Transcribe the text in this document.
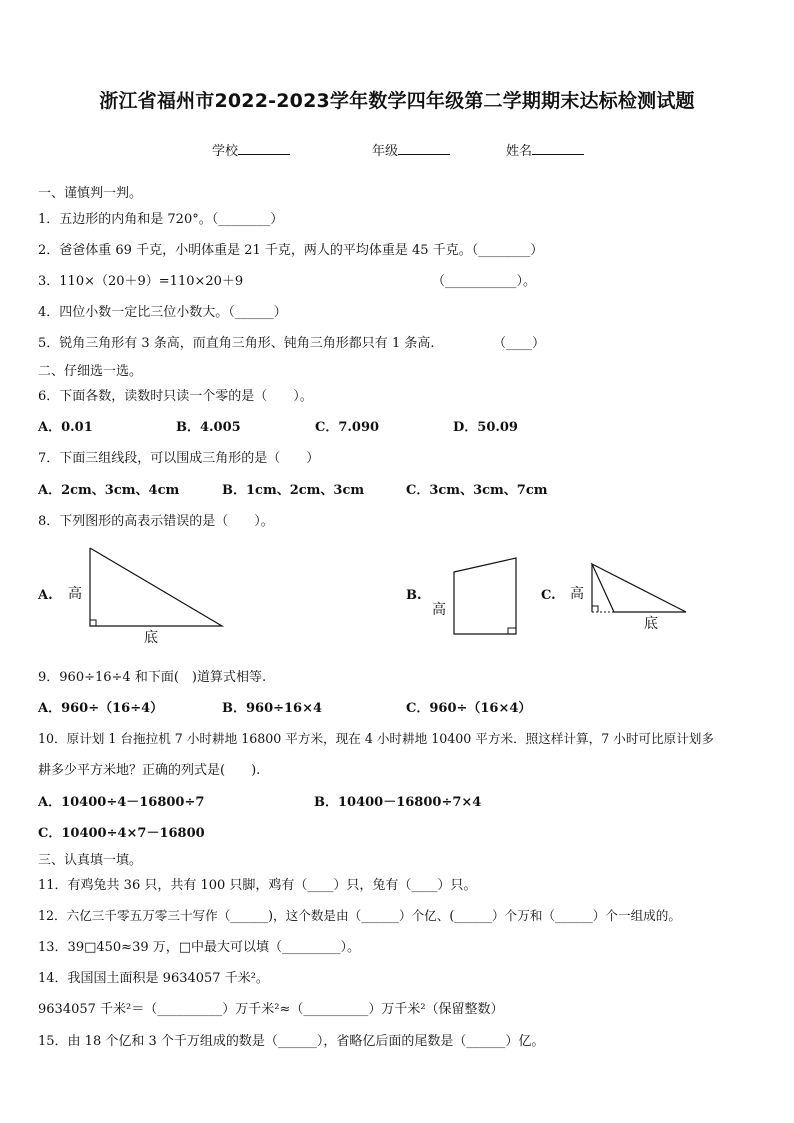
浙江省福州市2022-2023学年数学四年级第二学期期末达标检测试题
学校	年级	姓名
一、谨慎判一判。
1．五边形的内角和是 720°。（________）
2．爸爸体重 69 千克，小明体重是 21 千克，两人的平均体重是 45 千克。（________）
3．110×（20＋9）=110×20＋9	（___________）。
4．四位小数一定比三位小数大。（______）
5．锐角三角形有 3 条高，而直角三角形、钝角三角形都只有 1 条高.	（____）
二、仔细选一选。
6．下面各数，读数时只读一个零的是（　　）。
A．0.01	B．4.005	C．7.090	D．50.09
7．下面三组线段，可以围成三角形的是（　　）
A．2cm、3cm、4cm	B．1cm、2cm、3cm	C．3cm、3cm、7cm
8．下列图形的高表示错误的是（　　）。
A. 高
底
B.
高
C. 高
底
9．960÷16÷4 和下面(　)道算式相等.
A．960÷（16÷4）	B．960÷16×4	C．960÷（16×4）
10．原计划 1 台拖拉机 7 小时耕地 16800 平方米，现在 4 小时耕地 10400 平方米．照这样计算，7 小时可比原计划多
耕多少平方米地？正确的列式是(　　).
A．10400÷4－16800÷7	B．10400－16800÷7×4
C．10400÷4×7－16800
三、认真填一填。
11．有鸡兔共 36 只，共有 100 只脚，鸡有（____）只，兔有（____）只。
12．六亿三千零五万零三十写作（______)，这个数是由（______）个亿、(______）个万和（______）个一组成的。
13．39□450≈39 万，□中最大可以填（_________）。
14．我国国土面积是 9634057 千米²。
9634057 千米²＝（__________）万千米²≈（__________）万千米²（保留整数）
15．由 18 个亿和 3 个千万组成的数是（______），省略亿后面的尾数是（______）亿。
